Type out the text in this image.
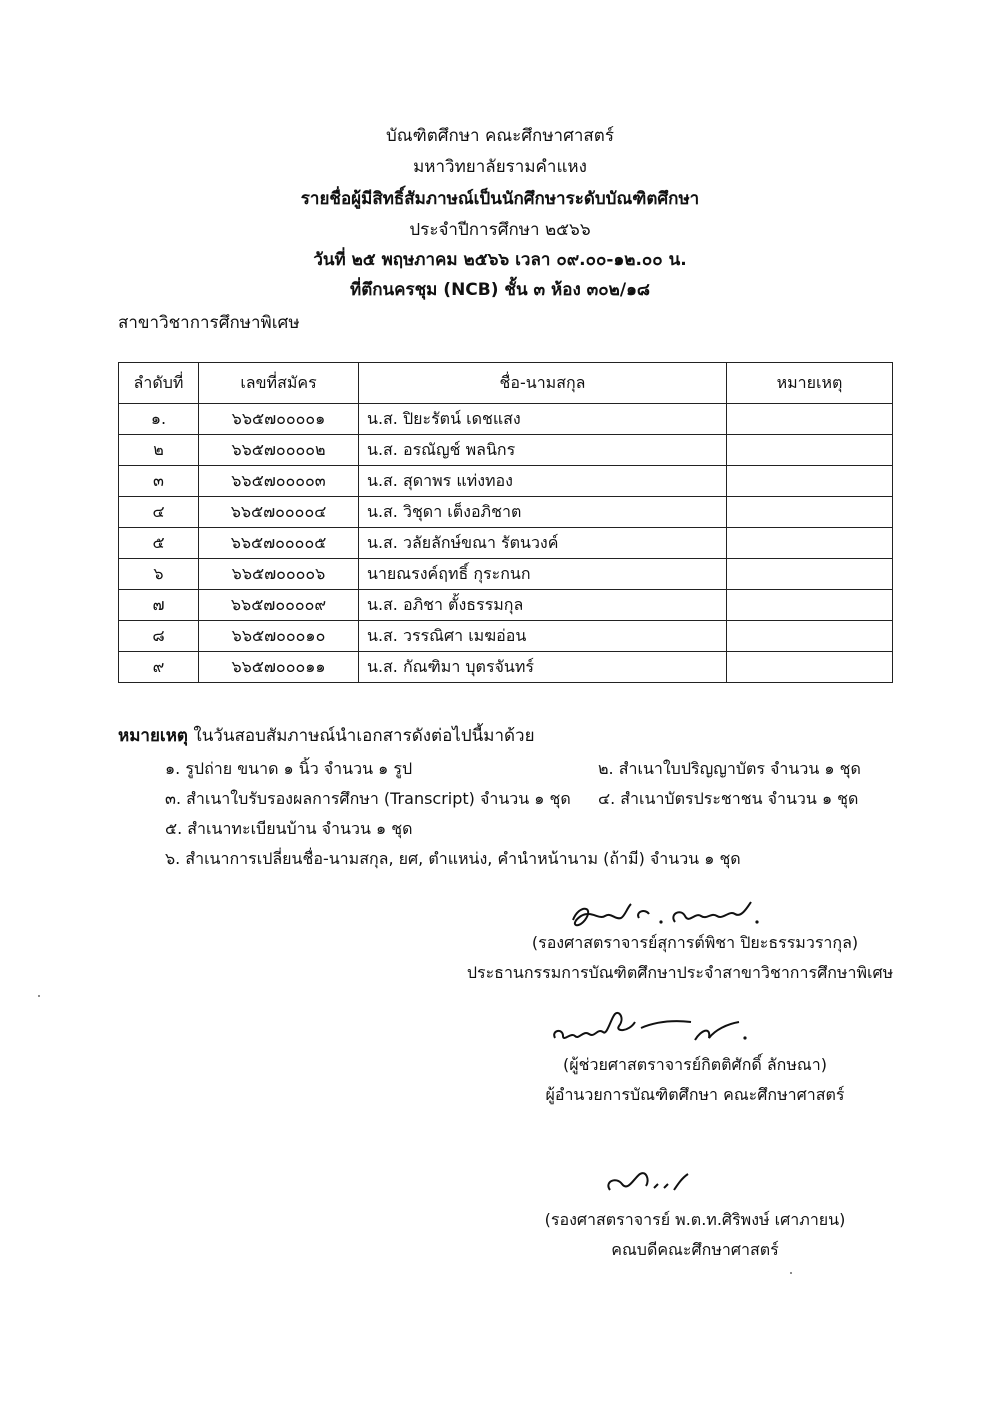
บัณฑิตศึกษา คณะศึกษาศาสตร์
มหาวิทยาลัยรามคำแหง
รายชื่อผู้มีสิทธิ์สัมภาษณ์เป็นนักศึกษาระดับบัณฑิตศึกษา
ประจำปีการศึกษา ๒๕๖๖
วันที่ ๒๕ พฤษภาคม ๒๕๖๖ เวลา ๐๙.๐๐-๑๒.๐๐ น.
ที่ตึกนครชุม (NCB) ชั้น ๓ ห้อง ๓๐๒/๑๘
สาขาวิชาการศึกษาพิเศษ
ลำดับที่	เลขที่สมัคร	ชื่อ-นามสกุล	หมายเหตุ
๑.	๖๖๕๗๐๐๐๐๑	น.ส. ปิยะรัตน์ เดชแสง	
๒	๖๖๕๗๐๐๐๐๒	น.ส. อรณัญช์ พลนิกร	
๓	๖๖๕๗๐๐๐๐๓	น.ส. สุดาพร แท่งทอง	
๔	๖๖๕๗๐๐๐๐๔	น.ส. วิชุดา เต็งอภิชาต	
๕	๖๖๕๗๐๐๐๐๕	น.ส. วลัยลักษ์ขณา รัตนวงค์	
๖	๖๖๕๗๐๐๐๐๖	นายณรงค์ฤทธิ์ กุระกนก	
๗	๖๖๕๗๐๐๐๐๙	น.ส. อภิชา ตั้งธรรมกุล	
๘	๖๖๕๗๐๐๐๑๐	น.ส. วรรณิศา เมฆอ่อน	
๙	๖๖๕๗๐๐๐๑๑	น.ส. กัณฑิมา บุตรจันทร์	
หมายเหตุ ในวันสอบสัมภาษณ์นำเอกสารดังต่อไปนี้มาด้วย
๑. รูปถ่าย ขนาด ๑ นิ้ว จำนวน ๑ รูป	๒. สำเนาใบปริญญาบัตร จำนวน ๑ ชุด
๓. สำเนาใบรับรองผลการศึกษา (Transcript) จำนวน ๑ ชุด ๔. สำเนาบัตรประชาชน จำนวน ๑ ชุด
๕. สำเนาทะเบียนบ้าน จำนวน ๑ ชุด
๖. สำเนาการเปลี่ยนชื่อ-นามสกุล, ยศ, ตำแหน่ง, คำนำหน้านาม (ถ้ามี) จำนวน ๑ ชุด
(รองศาสตราจารย์สุการต์พิชา ปิยะธรรมวรากุล)
ประธานกรรมการบัณฑิตศึกษาประจำสาขาวิชาการศึกษาพิเศษ
(ผู้ช่วยศาสตราจารย์กิตติศักดิ์ ลักษณา)
ผู้อำนวยการบัณฑิตศึกษา คณะศึกษาศาสตร์
(รองศาสตราจารย์ พ.ต.ท.ศิริพงษ์ เศาภายน)
คณบดีคณะศึกษาศาสตร์
